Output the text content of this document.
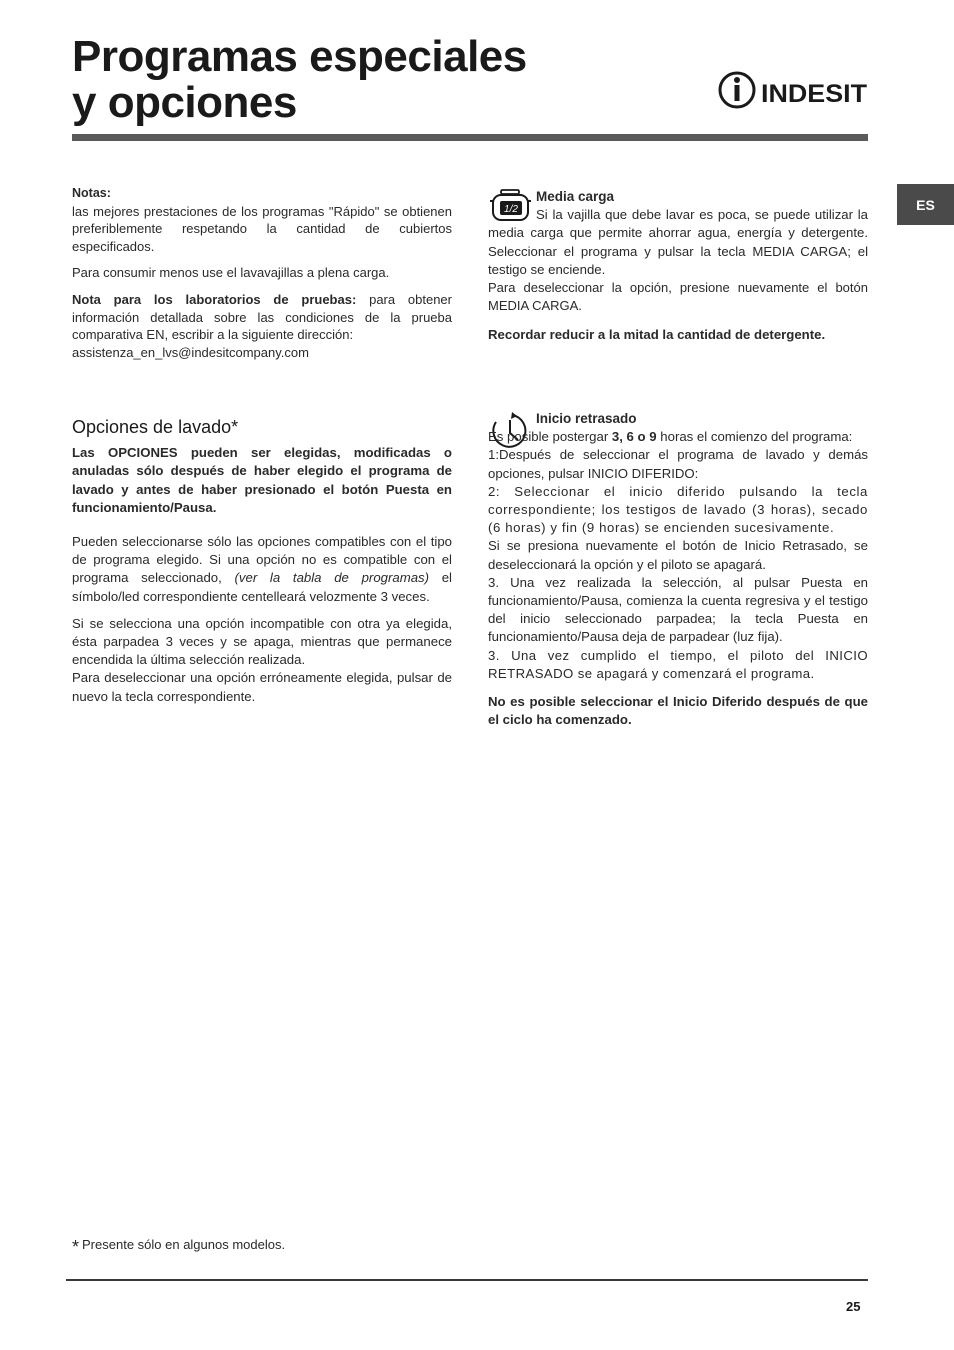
Programas especiales
y opciones	INDESIT
ES
Notas:

las mejores prestaciones de los programas "Rápido" se obtienen preferiblemente respetando la cantidad de cubiertos especificados.

Para consumir menos use el lavavajillas a plena carga.

Nota para los laboratorios de pruebas: para obtener información detallada sobre las condiciones de la prueba comparativa EN, escribir a la siguiente dirección:

assistenza_en_lvs@indesitcompany.com
Opciones de lavado*

Las OPCIONES pueden ser elegidas, modificadas o anuladas sólo después de haber elegido el programa de lavado y antes de haber presionado el botón Puesta en funcionamiento/Pausa.

Pueden seleccionarse sólo las opciones compatibles con el tipo de programa elegido. Si una opción no es compatible con el programa seleccionado, (ver la tabla de programas) el símbolo/led correspondiente centelleará velozmente 3 veces.

Si se selecciona una opción incompatible con otra ya elegida, ésta parpadea 3 veces y se apaga, mientras que permanece encendida la última selección realizada.

Para deseleccionar una opción erróneamente elegida, pulsar de nuevo la tecla correspondiente.

1/2
Media carga

Si la vajilla que debe lavar es poca, se puede utilizar la media carga que permite ahorrar agua, energía y detergente. Seleccionar el programa y pulsar la tecla MEDIA CARGA; el testigo se enciende.

Para deseleccionar la opción, presione nuevamente el botón MEDIA CARGA.

Recordar reducir a la mitad la cantidad de detergente.

Inicio retrasado

Es posible postergar 3, 6 o 9 horas el comienzo del programa:

1:Después de seleccionar el programa de lavado y demás opciones, pulsar INICIO DIFERIDO:

2: Seleccionar el inicio diferido pulsando la tecla correspondiente; los testigos de lavado (3 horas), secado (6 horas) y fin (9 horas) se encienden sucesivamente.

Si se presiona nuevamente el botón de Inicio Retrasado, se deseleccionará la opción y el piloto se apagará.

3. Una vez realizada la selección, al pulsar Puesta en funcionamiento/Pausa, comienza la cuenta regresiva y el testigo del inicio seleccionado parpadea; la tecla Puesta en funcionamiento/Pausa deja de parpadear (luz fija).

3. Una vez cumplido el tiempo, el piloto del INICIO RETRASADO se apagará y comenzará el programa.

No es posible seleccionar el Inicio Diferido después de que el ciclo ha comenzado.

* Presente sólo en algunos modelos.
25
